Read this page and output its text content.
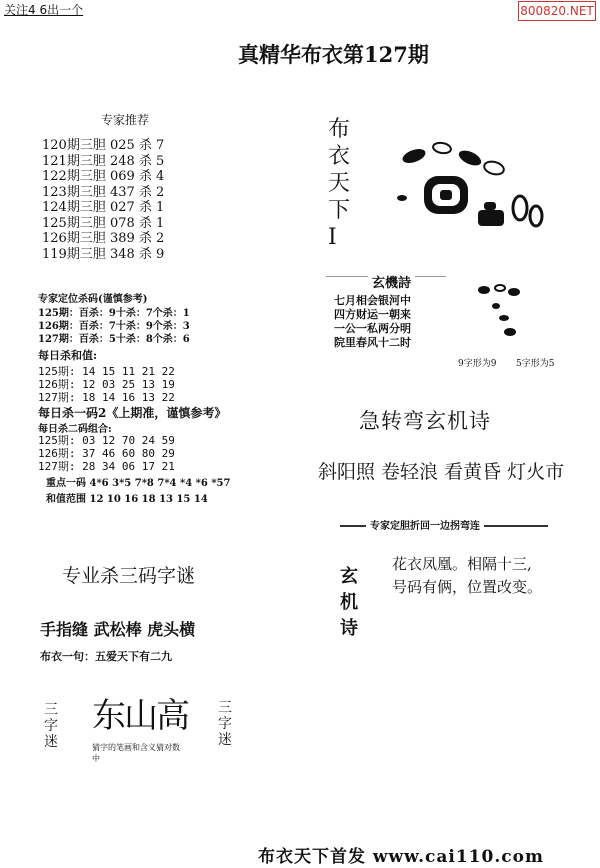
关注4 6出一个	800820.NET
真精华布衣第127期
专家推荐
120期三胆 025 杀 7
121期三胆 248 杀 5
122期三胆 069 杀 4
123期三胆 437 杀 2
124期三胆 027 杀 1
125期三胆 078 杀 1
126期三胆 389 杀 2
119期三胆 348 杀 9
专家定位杀码(谨慎参考)
125期：百杀：9十杀：7个杀：1
126期：百杀：7十杀：9个杀：3
127期：百杀：5十杀：8个杀：6
每日杀和值:
125期: 14 15 11 21 22
126期: 12 03 25 13 19
127期: 18 14 16 13 22
每日杀一码2《上期准，谨慎参考》
每日杀二码组合:
125期: 03 12 70 24 59
126期: 37 46 60 80 29
127期: 28 34 06 17 21
重点一码 4*6 3*5 7*8 7*4 *4 *6 *57
和值范围 12 10 16 18 13 15 14
专业杀三码字谜
手指缝 武松棒 虎头横
布衣一句：五爱天下有二九
三字迷
东山高 三字迷
猜字的笔画和含义猜对数中
布衣天下I
玄機詩
七月相会银河中
四方财运一朝来
一公一私两分明
院里春风十二时
9字形为9 5字形为5
急转弯玄机诗
斜阳照 卷轻浪 看黄昏 灯火市
专家定胆折回一边拐弯连
玄机诗
花衣凤凰。相隔十三,
号码有俩，位置改变。
布衣天下首发 www.cai110.com
